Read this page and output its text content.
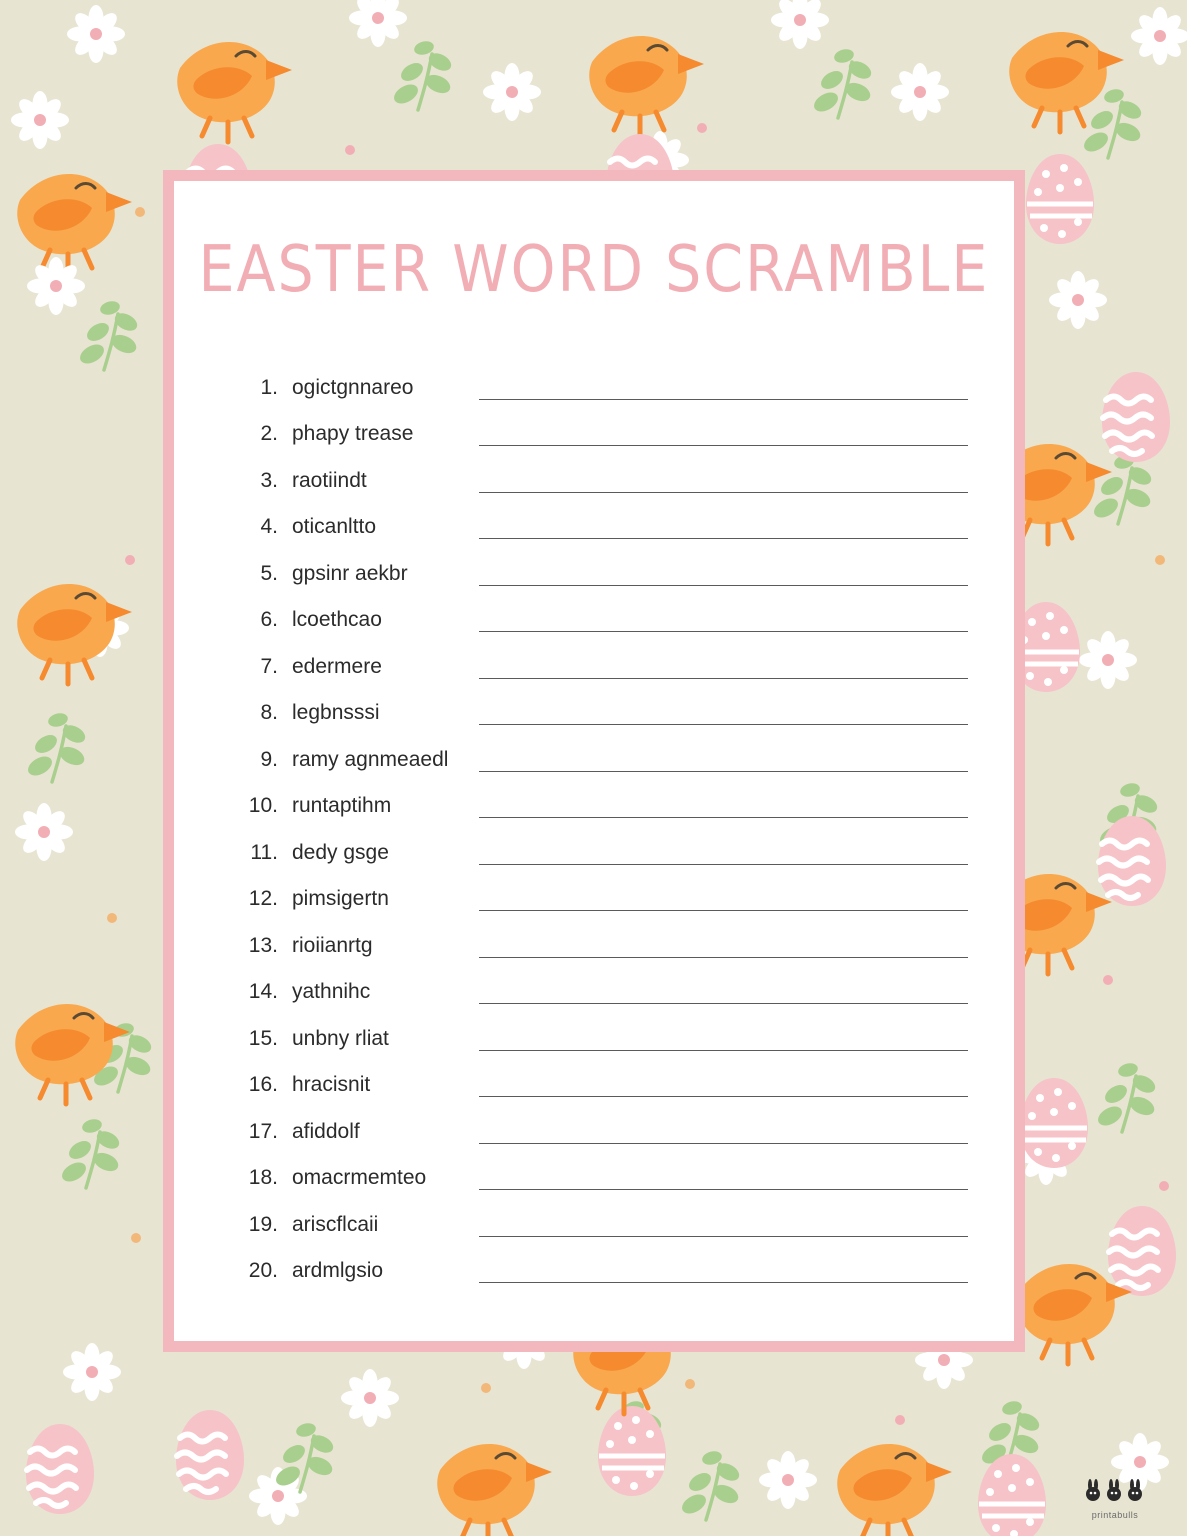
EASTER WORD SCRAMBLE
1. ogictgnnareo
2. phapy trease
3. raotiindt
4. oticanltto
5. gpsinr aekbr
6. lcoethcao
7. edermere
8. legbnsssi
9. ramy agnmeaedl
10. runtaptihm
11. dedy gsge
12. pimsigertn
13. rioiianrtg
14. yathnihc
15. unbny rliat
16. hracisnit
17. afiddolf
18. omacrmemteo
19. ariscflcaii
20. ardmlgsio
printabulls
